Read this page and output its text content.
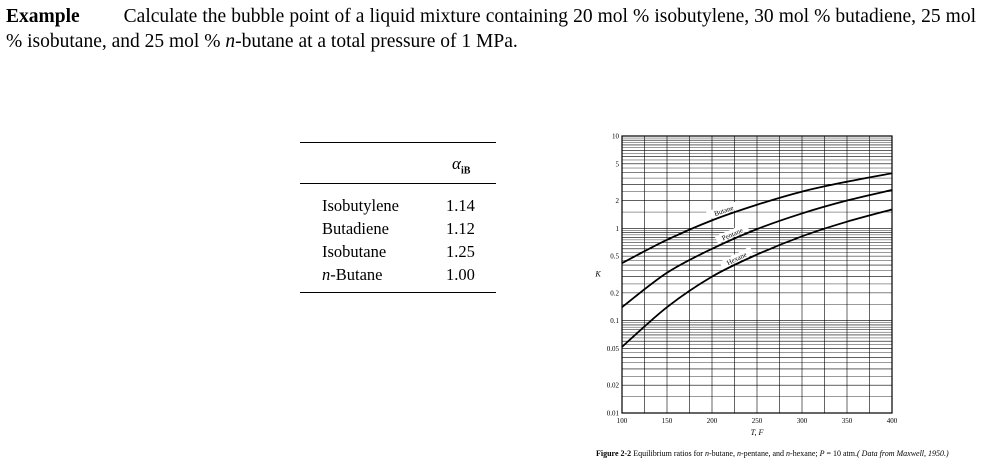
Example Calculate the bubble point of a liquid mixture containing 20 mol % isobutylene, 30 mol % butadiene, 25 mol % isobutane, and 25 mol % n-butane at a total pressure of 1 MPa.
$\alpha_{iB}$
Isobutylene	1.14
Butadiene	1.12
Isobutane	1.25
n-Butane	1.00
0.01
0.02
0.05
0.1
0.2
0.5
1
2
5
10
100	150	200	250	300	350	400
T, F
K
Butane
Pentane
Hexane
Figure 2-2 Equilibrium ratios for n-butane, n-pentane, and n-hexane; P = 10 atm.( Data from Maxwell, 1950.)
